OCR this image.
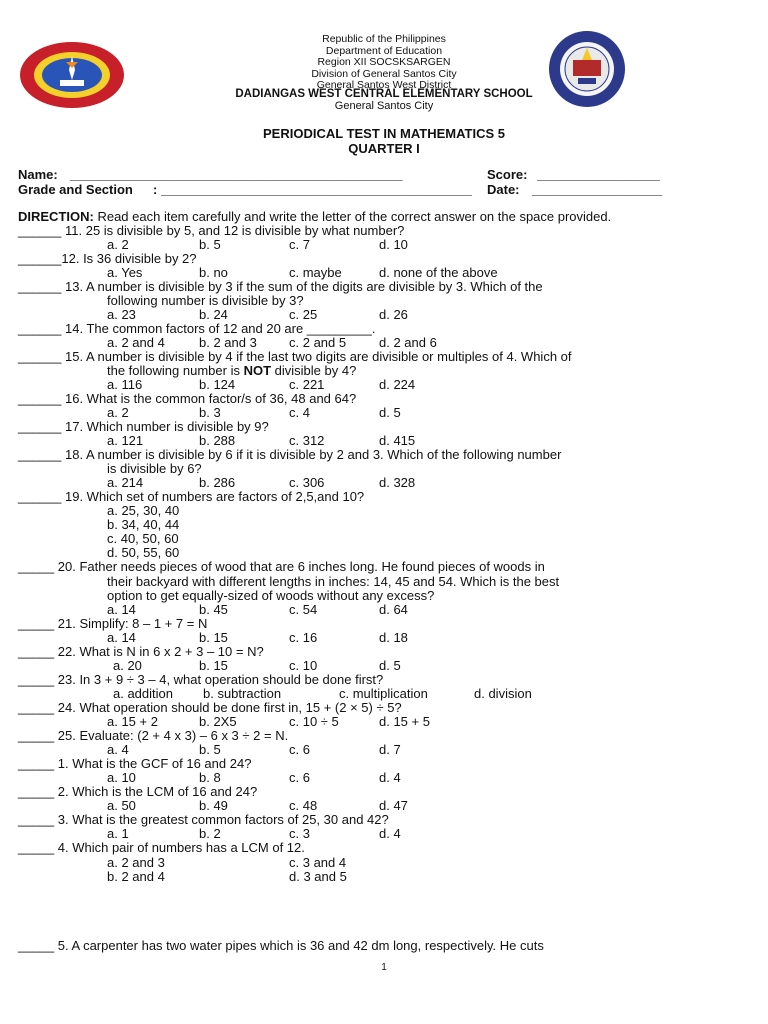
Republic of the Philippines
Department of Education
Region XII SOCSKSARGEN
Division of General Santos City
General Santos West District
DADIANGAS WEST CENTRAL ELEMENTARY SCHOOL
General Santos City
PERIODICAL TEST IN MATHEMATICS 5
QUARTER I
Name: ______________________________________________	Score: _________________
Grade and Section : ___________________________________________ Date: __________________
DIRECTION: Read each item carefully and write the letter of the correct answer on the space provided.
______ 11. 25 is divisible by 5, and 12 is divisible by what number?
a. 2	b. 5	c. 7	d. 10
______12. Is 36 divisible by 2?
a. Yes	b. no	c. maybe	d. none of the above
______ 13. A number is divisible by 3 if the sum of the digits are divisible by 3. Which of the
following number is divisible by 3?
a. 23	b. 24	c. 25	d. 26
______ 14. The common factors of 12 and 20 are _________.
a. 2 and 4	b. 2 and 3 c. 2 and 5	d. 2 and 6
______ 15. A number is divisible by 4 if the last two digits are divisible or multiples of 4. Which of
the following number is NOT divisible by 4?
a. 116	b. 124	c. 221	d. 224
______ 16. What is the common factor/s of 36, 48 and 64?
a. 2	b. 3	c. 4	d. 5
______ 17. Which number is divisible by 9?
a. 121	b. 288	c. 312	d. 415
______ 18. A number is divisible by 6 if it is divisible by 2 and 3. Which of the following number
is divisible by 6?
a. 214	b. 286	c. 306	d. 328
______ 19. Which set of numbers are factors of 2,5,and 10?
a. 25, 30, 40
b. 34, 40, 44
c. 40, 50, 60
d. 50, 55, 60
_____ 20. Father needs pieces of wood that are 6 inches long. He found pieces of woods in
their backyard with different lengths in inches: 14, 45 and 54. Which is the best
option to get equally-sized of woods without any excess?
a. 14	b. 45	c. 54	d. 64
_____ 21. Simplify: 8 – 1 + 7 = N
a. 14	b. 15	c. 16	d. 18
_____ 22. What is N in 6 x 2 + 3 – 10 = N?
a. 20	b. 15	c. 10	d. 5
_____ 23. In 3 + 9 ÷ 3 – 4, what operation should be done first?
a. addition b. subtraction	c. multiplication	d. division
_____ 24. What operation should be done first in, 15 + (2 × 5) ÷ 5?
a. 15 + 2	b. 2X5	c. 10 ÷ 5	d. 15 + 5
_____ 25. Evaluate: (2 + 4 x 3) – 6 x 3 ÷ 2 = N.
a. 4	b. 5	c. 6	d. 7
_____ 1. What is the GCF of 16 and 24?
a. 10	b. 8	c. 6	d. 4
_____ 2. Which is the LCM of 16 and 24?
a. 50	b. 49	c. 48	d. 47
_____ 3. What is the greatest common factors of 25, 30 and 42?
a. 1	b. 2	c. 3	d. 4
_____ 4. Which pair of numbers has a LCM of 12.
a. 2 and 3	c. 3 and 4
b. 2 and 4	d. 3 and 5
_____ 5. A carpenter has two water pipes which is 36 and 42 dm long, respectively. He cuts
1
